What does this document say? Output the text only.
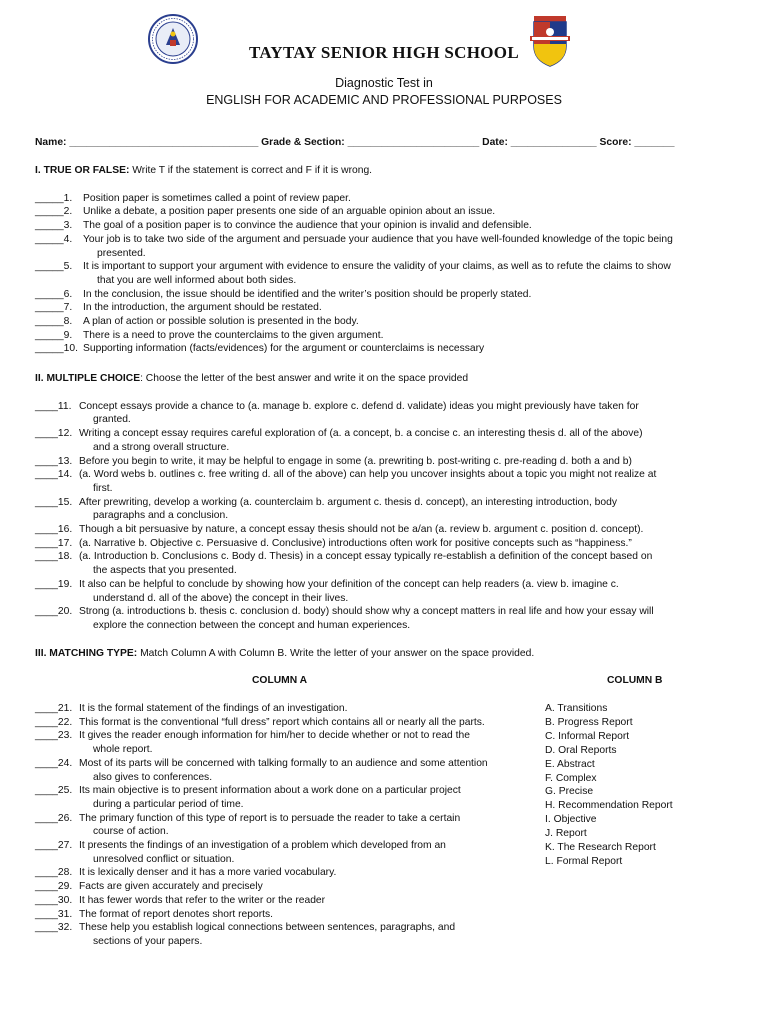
TAYTAY SENIOR HIGH SCHOOL
Diagnostic Test in
ENGLISH FOR ACADEMIC AND PROFESSIONAL PURPOSES
Name: _________________________________ Grade & Section: _______________________ Date: _______________ Score: _______
I. TRUE OR FALSE: Write T if the statement is correct and F if it is wrong.
_____1. Position paper is sometimes called a point of review paper.
_____2. Unlike a debate, a position paper presents one side of an arguable opinion about an issue.
_____3. The goal of a position paper is to convince the audience that your opinion is invalid and defensible.
_____4. Your job is to take two side of the argument and persuade your audience that you have well-founded knowledge of the topic being
presented.
_____5. It is important to support your argument with evidence to ensure the validity of your claims, as well as to refute the claims to show
that you are well informed about both sides.
_____6. In the conclusion, the issue should be identified and the writer’s position should be properly stated.
_____7. In the introduction, the argument should be restated.
_____8. A plan of action or possible solution is presented in the body.
_____9. There is a need to prove the counterclaims to the given argument.
_____10. Supporting information (facts/evidences) for the argument or counterclaims is necessary
II. MULTIPLE CHOICE: Choose the letter of the best answer and write it on the space provided
____11. Concept essays provide a chance to (a. manage b. explore c. defend d. validate) ideas you might previously have taken for
granted.
____12. Writing a concept essay requires careful exploration of (a. a concept, b. a concise c. an interesting thesis d. all of the above)
and a strong overall structure.
____13. Before you begin to write, it may be helpful to engage in some (a. prewriting b. post-writing c. pre-reading d. both a and b)
____14. (a. Word webs b. outlines c. free writing d. all of the above) can help you uncover insights about a topic you might not realize at
first.
____15. After prewriting, develop a working (a. counterclaim b. argument c. thesis d. concept), an interesting introduction, body
paragraphs and a conclusion.
____16. Though a bit persuasive by nature, a concept essay thesis should not be a/an (a. review b. argument c. position d. concept).
____17. (a. Narrative b. Objective c. Persuasive d. Conclusive) introductions often work for positive concepts such as “happiness.”
____18. (a. Introduction b. Conclusions c. Body d. Thesis) in a concept essay typically re-establish a definition of the concept based on
the aspects that you presented.
____19. It also can be helpful to conclude by showing how your definition of the concept can help readers (a. view b. imagine c.
understand d. all of the above) the concept in their lives.
____20. Strong (a. introductions b. thesis c. conclusion d. body) should show why a concept matters in real life and how your essay will
explore the connection between the concept and human experiences.
III. MATCHING TYPE: Match Column A with Column B. Write the letter of your answer on the space provided.
COLUMN A	COLUMN B
____21. It is the formal statement of the findings of an investigation.
____22. This format is the conventional “full dress” report which contains all or nearly all the parts.
____23. It gives the reader enough information for him/her to decide whether or not to read the
whole report.
____24. Most of its parts will be concerned with talking formally to an audience and some attention
also gives to conferences.
____25. Its main objective is to present information about a work done on a particular project
during a particular period of time.
____26. The primary function of this type of report is to persuade the reader to take a certain
course of action.
____27. It presents the findings of an investigation of a problem which developed from an
unresolved conflict or situation.
____28. It is lexically denser and it has a more varied vocabulary.
____29. Facts are given accurately and precisely
____30. It has fewer words that refer to the writer or the reader
____31. The format of report denotes short reports.
____32. These help you establish logical connections between sentences, paragraphs, and
sections of your papers.
A. Transitions
B. Progress Report
C. Informal Report
D. Oral Reports
E. Abstract
F. Complex
G. Precise
H. Recommendation Report
I. Objective
J. Report
K. The Research Report
L. Formal Report
